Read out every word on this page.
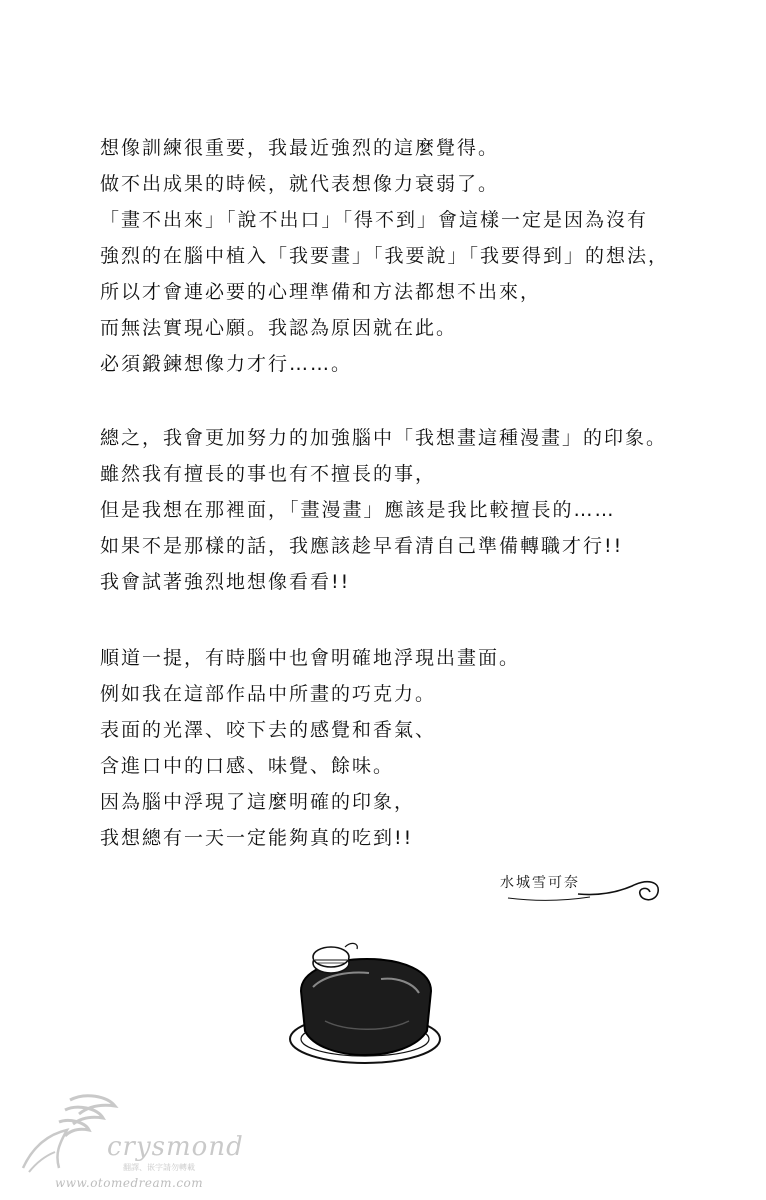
想像訓練很重要，我最近強烈的這麼覺得。
做不出成果的時候，就代表想像力衰弱了。
「畫不出來」「說不出口」「得不到」會這樣一定是因為沒有
強烈的在腦中植入「我要畫」「我要說」「我要得到」的想法，
所以才會連必要的心理準備和方法都想不出來，
而無法實現心願。我認為原因就在此。
必須鍛鍊想像力才行……。
總之，我會更加努力的加強腦中「我想畫這種漫畫」的印象。
雖然我有擅長的事也有不擅長的事，
但是我想在那裡面，「畫漫畫」應該是我比較擅長的……
如果不是那樣的話，我應該趁早看清自己準備轉職才行!!
我會試著強烈地想像看看!!
順道一提，有時腦中也會明確地浮現出畫面。
例如我在這部作品中所畫的巧克力。
表面的光澤、咬下去的感覺和香氣、
含進口中的口感、味覺、餘味。
因為腦中浮現了這麼明確的印象，
我想總有一天一定能夠真的吃到!!
水城雪可奈
crysmond
翻譯、嵌字請勿轉載
www.otomedream.com
